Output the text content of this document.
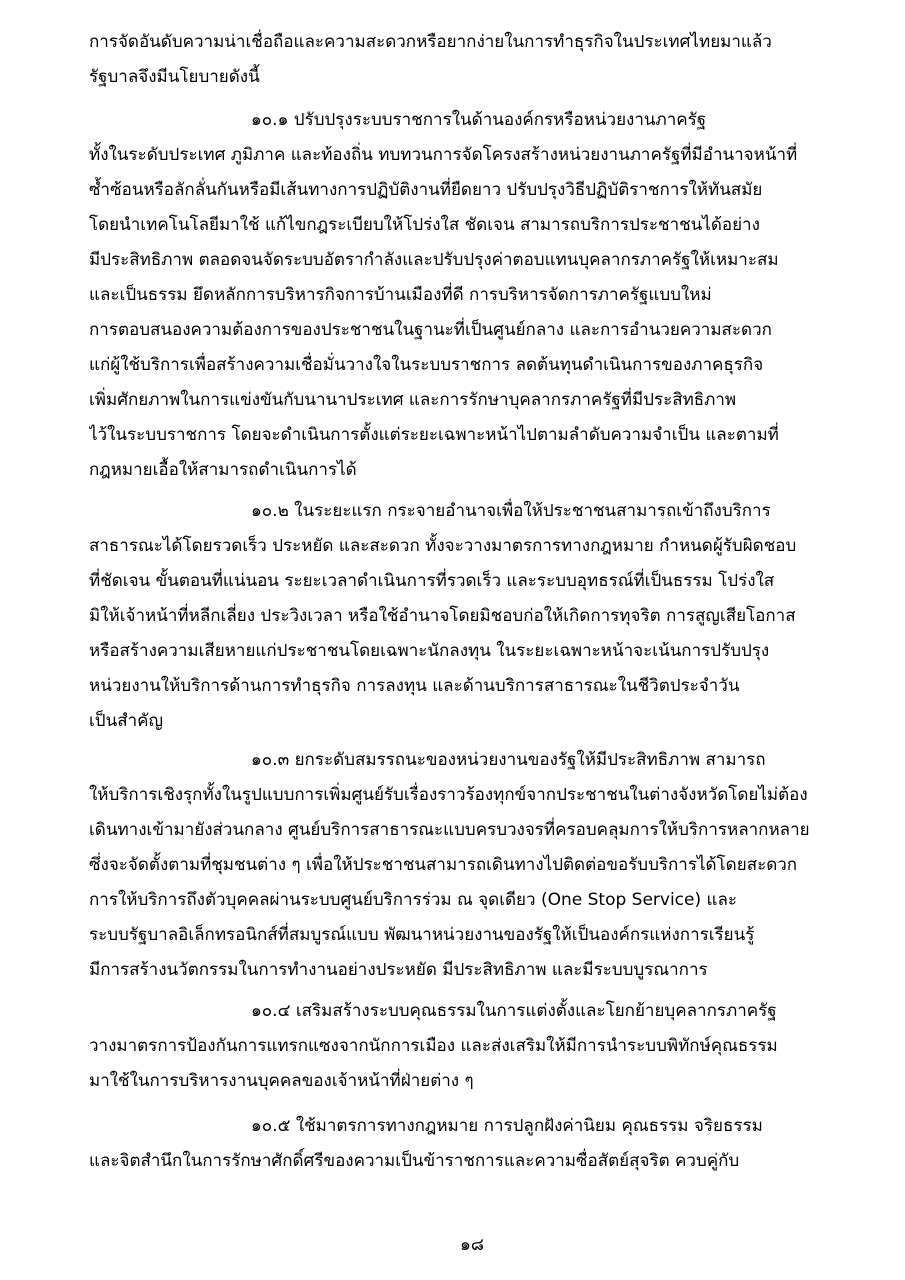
การจัดอันดับความน่าเชื่อถือและความสะดวกหรือยากง่ายในการทำธุรกิจในประเทศไทยมาแล้ว
รัฐบาลจึงมีนโยบายดังนี้
๑๐.๑ ปรับปรุงระบบราชการในด้านองค์กรหรือหน่วยงานภาครัฐ
ทั้งในระดับประเทศ ภูมิภาค และท้องถิ่น ทบทวนการจัดโครงสร้างหน่วยงานภาครัฐที่มีอำนาจหน้าที่
ซ้ำซ้อนหรือลักลั่นกันหรือมีเส้นทางการปฏิบัติงานที่ยืดยาว ปรับปรุงวิธีปฏิบัติราชการให้ทันสมัย
โดยนำเทคโนโลยีมาใช้ แก้ไขกฎระเบียบให้โปร่งใส ชัดเจน สามารถบริการประชาชนได้อย่าง
มีประสิทธิภาพ ตลอดจนจัดระบบอัตรากำลังและปรับปรุงค่าตอบแทนบุคลากรภาครัฐให้เหมาะสม
และเป็นธรรม ยึดหลักการบริหารกิจการบ้านเมืองที่ดี การบริหารจัดการภาครัฐแบบใหม่
การตอบสนองความต้องการของประชาชนในฐานะที่เป็นศูนย์กลาง และการอำนวยความสะดวก
แก่ผู้ใช้บริการเพื่อสร้างความเชื่อมั่นวางใจในระบบราชการ ลดต้นทุนดำเนินการของภาคธุรกิจ
เพิ่มศักยภาพในการแข่งขันกับนานาประเทศ และการรักษาบุคลากรภาครัฐที่มีประสิทธิภาพ
ไว้ในระบบราชการ โดยจะดำเนินการตั้งแต่ระยะเฉพาะหน้าไปตามลำดับความจำเป็น และตามที่
กฎหมายเอื้อให้สามารถดำเนินการได้
๑๐.๒ ในระยะแรก กระจายอำนาจเพื่อให้ประชาชนสามารถเข้าถึงบริการ
สาธารณะได้โดยรวดเร็ว ประหยัด และสะดวก ทั้งจะวางมาตรการทางกฎหมาย กำหนดผู้รับผิดชอบ
ที่ชัดเจน ขั้นตอนที่แน่นอน ระยะเวลาดำเนินการที่รวดเร็ว และระบบอุทธรณ์ที่เป็นธรรม โปร่งใส
มิให้เจ้าหน้าที่หลีกเลี่ยง ประวิงเวลา หรือใช้อำนาจโดยมิชอบก่อให้เกิดการทุจริต การสูญเสียโอกาส
หรือสร้างความเสียหายแก่ประชาชนโดยเฉพาะนักลงทุน ในระยะเฉพาะหน้าจะเน้นการปรับปรุง
หน่วยงานให้บริการด้านการทำธุรกิจ การลงทุน และด้านบริการสาธารณะในชีวิตประจำวัน
เป็นสำคัญ
๑๐.๓ ยกระดับสมรรถนะของหน่วยงานของรัฐให้มีประสิทธิภาพ สามารถ
ให้บริการเชิงรุกทั้งในรูปแบบการเพิ่มศูนย์รับเรื่องราวร้องทุกข์จากประชาชนในต่างจังหวัดโดยไม่ต้อง
เดินทางเข้ามายังส่วนกลาง ศูนย์บริการสาธารณะแบบครบวงจรที่ครอบคลุมการให้บริการหลากหลาย
ซึ่งจะจัดตั้งตามที่ชุมชนต่าง ๆ เพื่อให้ประชาชนสามารถเดินทางไปติดต่อขอรับบริการได้โดยสะดวก
การให้บริการถึงตัวบุคคลผ่านระบบศูนย์บริการร่วม ณ จุดเดียว (One Stop Service) และ
ระบบรัฐบาลอิเล็กทรอนิกส์ที่สมบูรณ์แบบ พัฒนาหน่วยงานของรัฐให้เป็นองค์กรแห่งการเรียนรู้
มีการสร้างนวัตกรรมในการทำงานอย่างประหยัด มีประสิทธิภาพ และมีระบบบูรณาการ
๑๐.๔ เสริมสร้างระบบคุณธรรมในการแต่งตั้งและโยกย้ายบุคลากรภาครัฐ
วางมาตรการป้องกันการแทรกแซงจากนักการเมือง และส่งเสริมให้มีการนำระบบพิทักษ์คุณธรรม
มาใช้ในการบริหารงานบุคคลของเจ้าหน้าที่ฝ่ายต่าง ๆ
๑๐.๕ ใช้มาตรการทางกฎหมาย การปลูกฝังค่านิยม คุณธรรม จริยธรรม
และจิตสำนึกในการรักษาศักดิ์ศรีของความเป็นข้าราชการและความซื่อสัตย์สุจริต ควบคู่กับ
๑๘
